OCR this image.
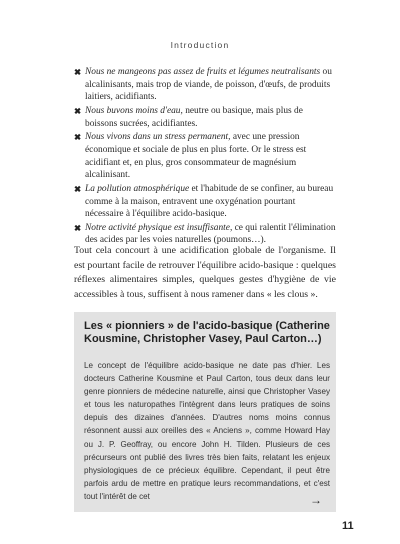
Introduction
✖ Nous ne mangeons pas assez de fruits et légumes neutralisants ou alcalinisants, mais trop de viande, de poisson, d'œufs, de produits laitiers, acidifiants.
✖ Nous buvons moins d'eau, neutre ou basique, mais plus de boissons sucrées, acidifiantes.
✖ Nous vivons dans un stress permanent, avec une pression économique et sociale de plus en plus forte. Or le stress est acidifiant et, en plus, gros consommateur de magnésium alcalinisant.
✖ La pollution atmosphérique et l'habitude de se confiner, au bureau comme à la maison, entravent une oxygénation pourtant nécessaire à l'équilibre acido-basique.
✖ Notre activité physique est insuffisante, ce qui ralentit l'élimination des acides par les voies naturelles (poumons…).

Tout cela concourt à une acidification globale de l'organisme. Il est pourtant facile de retrouver l'équilibre acido-basique : quelques réflexes alimentaires simples, quelques gestes d'hygiène de vie accessibles à tous, suffisent à nous ramener dans « les clous ».

Les « pionniers » de l'acido-basique (Catherine Kousmine, Christopher Vasey, Paul Carton…)

Le concept de l'équilibre acido-basique ne date pas d'hier. Les docteurs Catherine Kousmine et Paul Carton, tous deux dans leur genre pionniers de médecine naturelle, ainsi que Christopher Vasey et tous les naturopathes l'intègrent dans leurs pratiques de soins depuis des dizaines d'années. D'autres noms moins connus résonnent aussi aux oreilles des « Anciens », comme Howard Hay ou J. P. Geoffray, ou encore John H. Tilden. Plusieurs de ces précurseurs ont publié des livres très bien faits, relatant les enjeux physiologiques de ce précieux équilibre. Cependant, il peut être parfois ardu de mettre en pratique leurs recommandations, et c'est tout l'intérêt de cet	→
11
